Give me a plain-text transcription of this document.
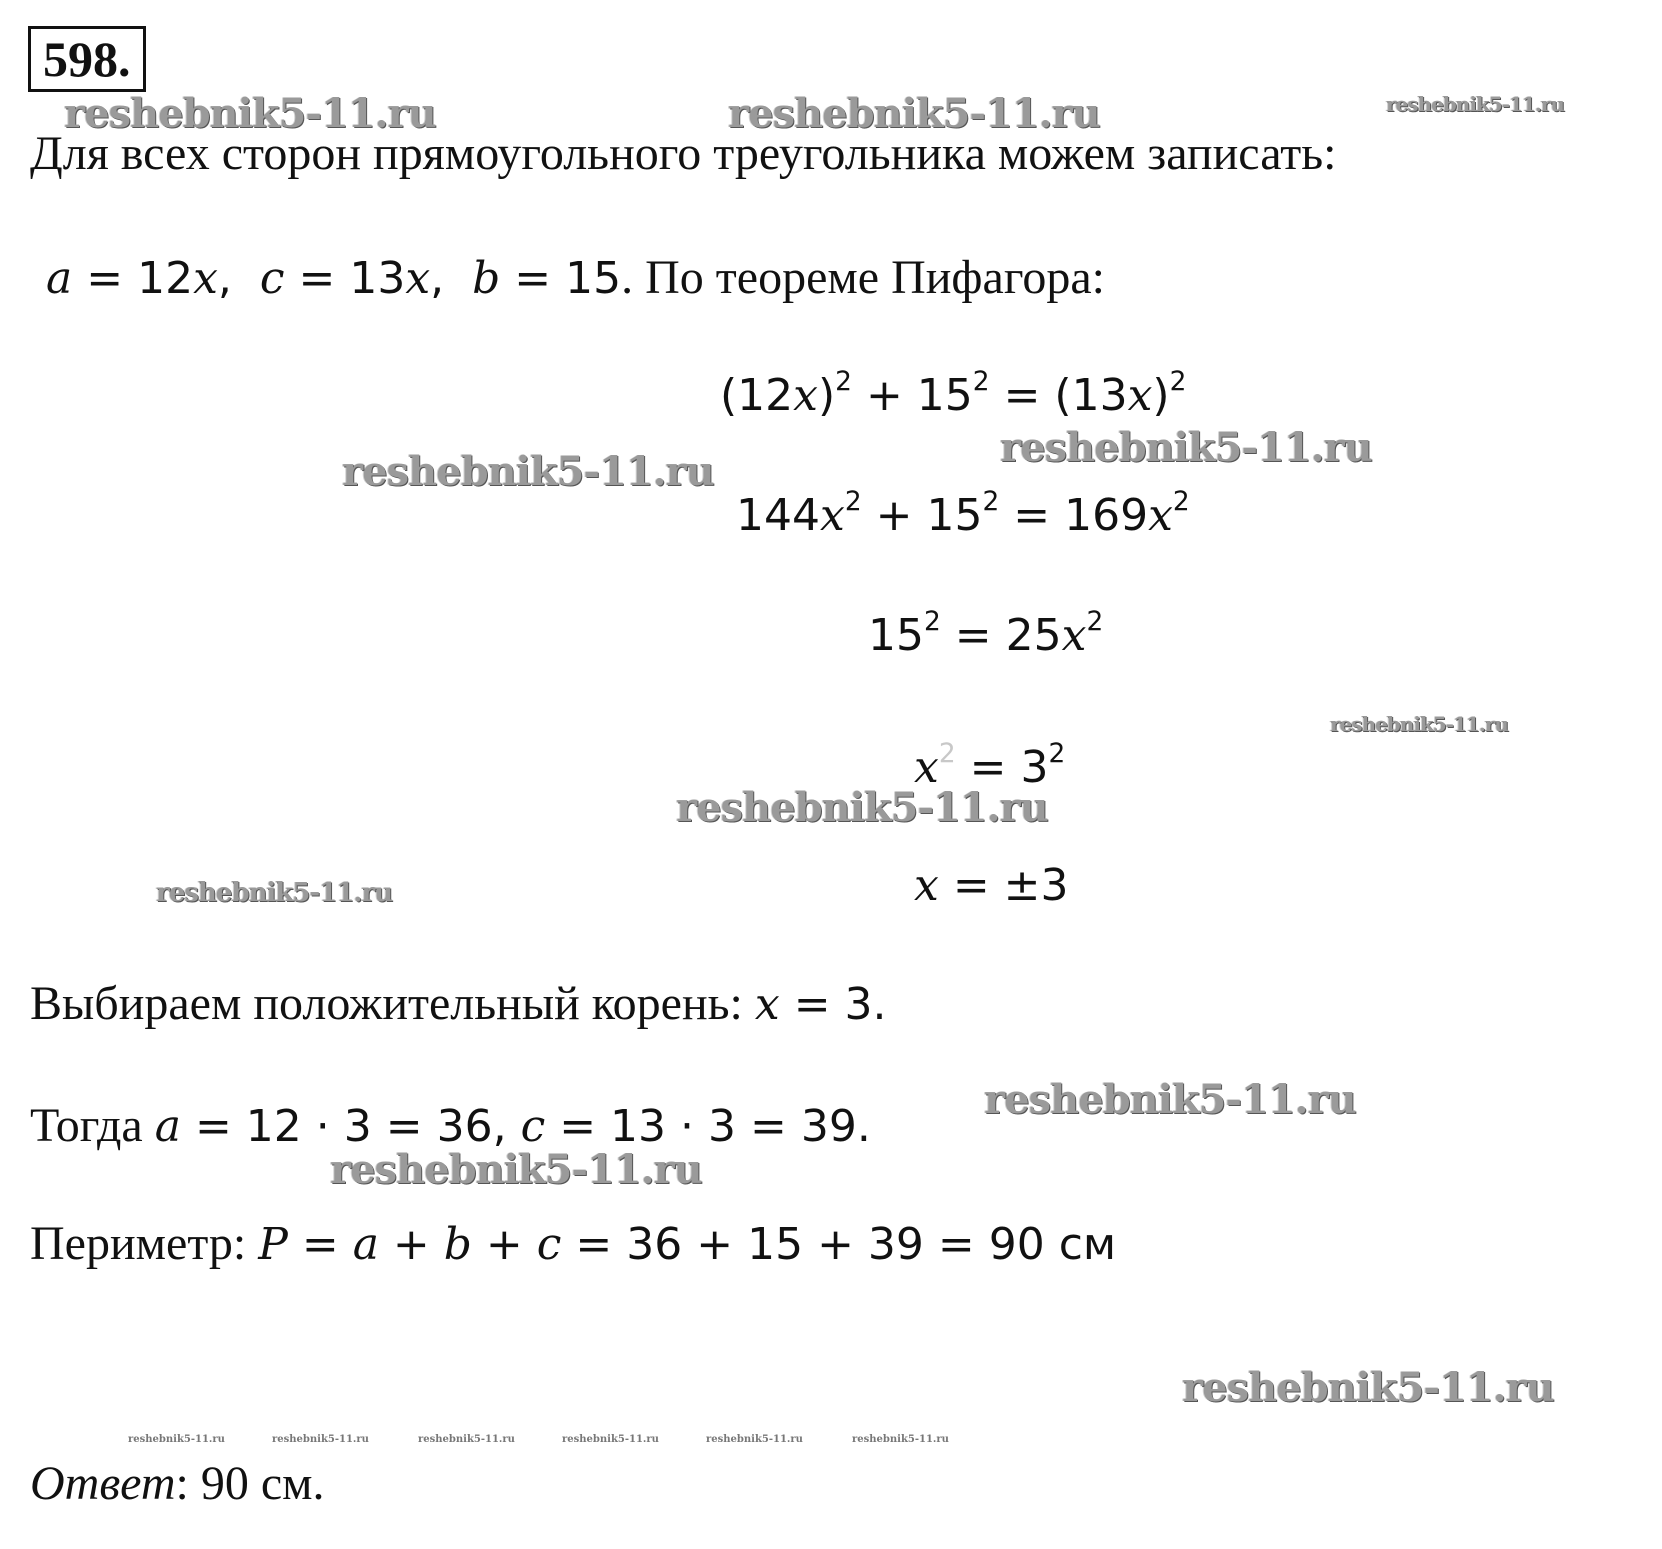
598.
reshebnik5-11.ru	reshebnik5-11.ru	reshebnik5-11.ru
reshebnik5-11.ru
reshebnik5-11.ru
reshebnik5-11.ru
reshebnik5-11.ru
reshebnik5-11.ru
reshebnik5-11.ru
reshebnik5-11.ru
reshebnik5-11.ru
reshebnik5-11.ru	reshebnik5-11.ru	reshebnik5-11.ru	reshebnik5-11.ru	reshebnik5-11.ru	reshebnik5-11.ru
Для всех сторон прямоугольного треугольника можем записать:
a = 12x,  c = 13x,  b = 15. По теореме Пифагора:
$(12x)^2 + 15^2 = (13x)^2$
$144x^2 + 15^2 = 169x^2$
$15^2 = 25x^2$
$x^2 = 3^2$
x = ±3
Выбираем положительный корень: x = 3.
Тогда a = 12 · 3 = 36, c = 13 · 3 = 39.
Периметр: P = a + b + c = 36 + 15 + 39 = 90 см
Ответ: 90 см.
